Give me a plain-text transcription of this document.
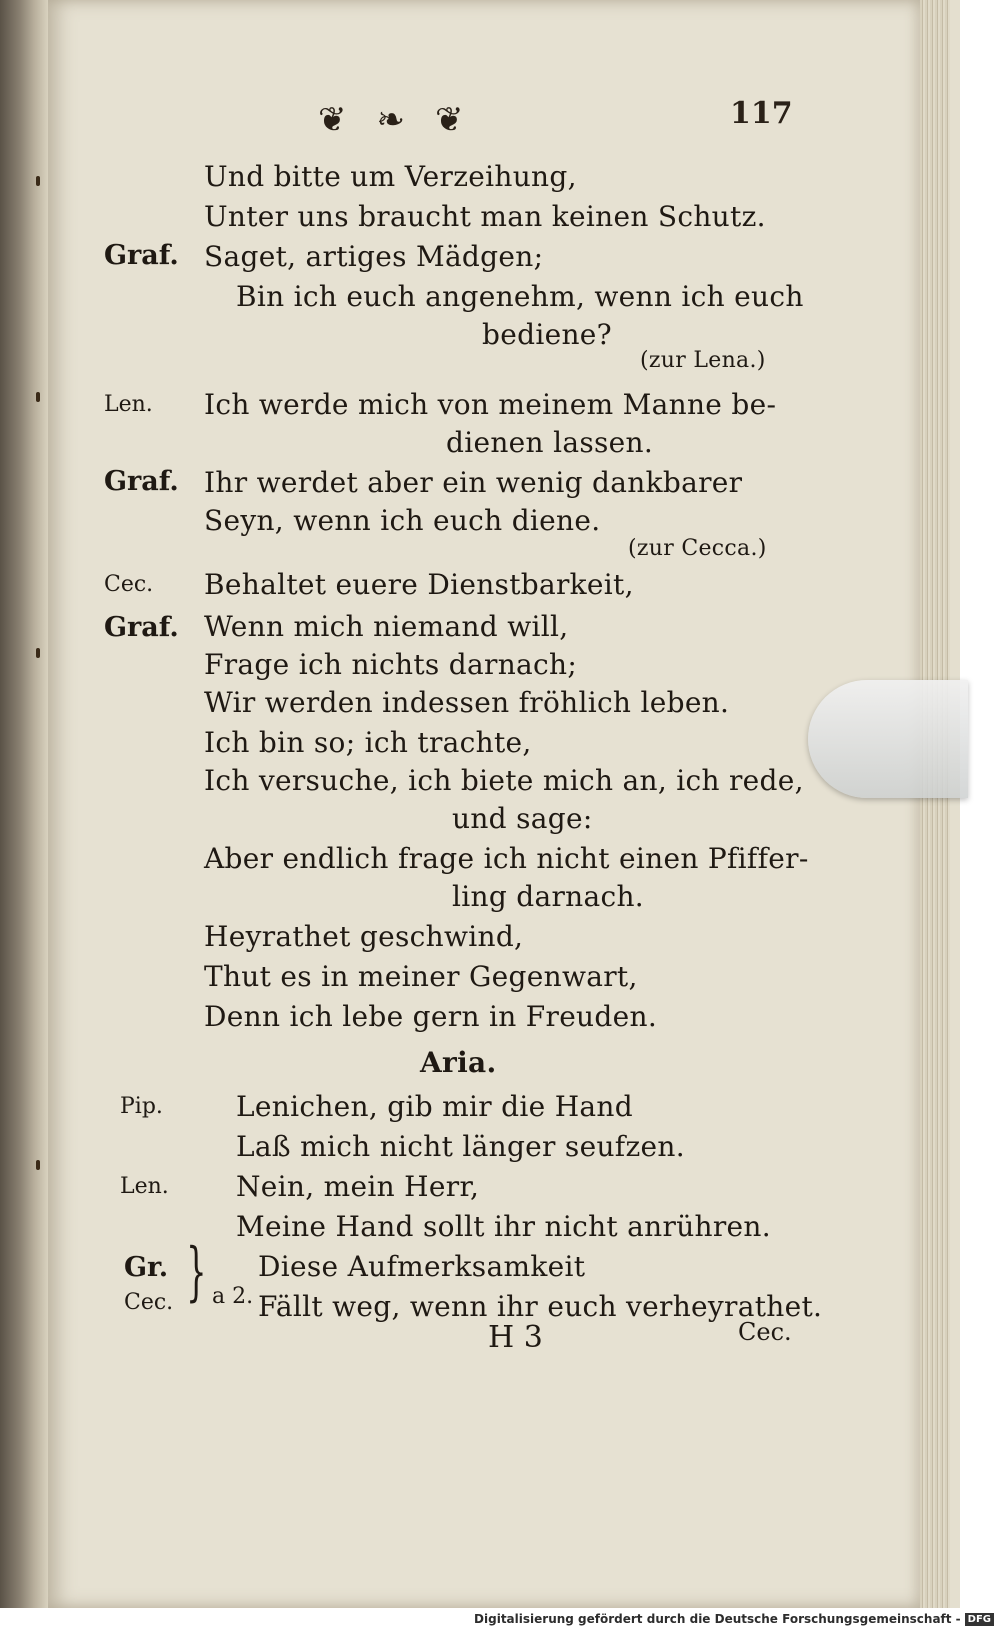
❦ ❧ ❦	117
Und bitte um Verzeihung,
Unter uns braucht man keinen Schutz.
Graf. Saget, artiges Mädgen;
Bin ich euch angenehm, wenn ich euch
bediene?
(zur Lena.)
Len. Ich werde mich von meinem Manne be-
dienen lassen.
Graf. Ihr werdet aber ein wenig dankbarer
Seyn, wenn ich euch diene.
(zur Cecca.)
Cec. Behaltet euere Dienstbarkeit,
Graf. Wenn mich niemand will,
Frage ich nichts darnach;
Wir werden indessen fröhlich leben.
Ich bin so; ich trachte,
Ich versuche, ich biete mich an, ich rede,
und sage:
Aber endlich frage ich nicht einen Pfiffer-
ling darnach.
Heyrathet geschwind,
Thut es in meiner Gegenwart,
Denn ich lebe gern in Freuden.
Aria.
Pip.	Lenichen, gib mir die Hand
Laß mich nicht länger seufzen.
Len. Nein, mein Herr,
Meine Hand sollt ihr nicht anrühren.
Gr.	Diese Aufmerksamkeit
Cec.	Fällt weg, wenn ihr euch verheyrathet.
} a 2.
H 3	Cec.
Digitalisierung gefördert durch die Deutsche Forschungsgemeinschaft - DFG
